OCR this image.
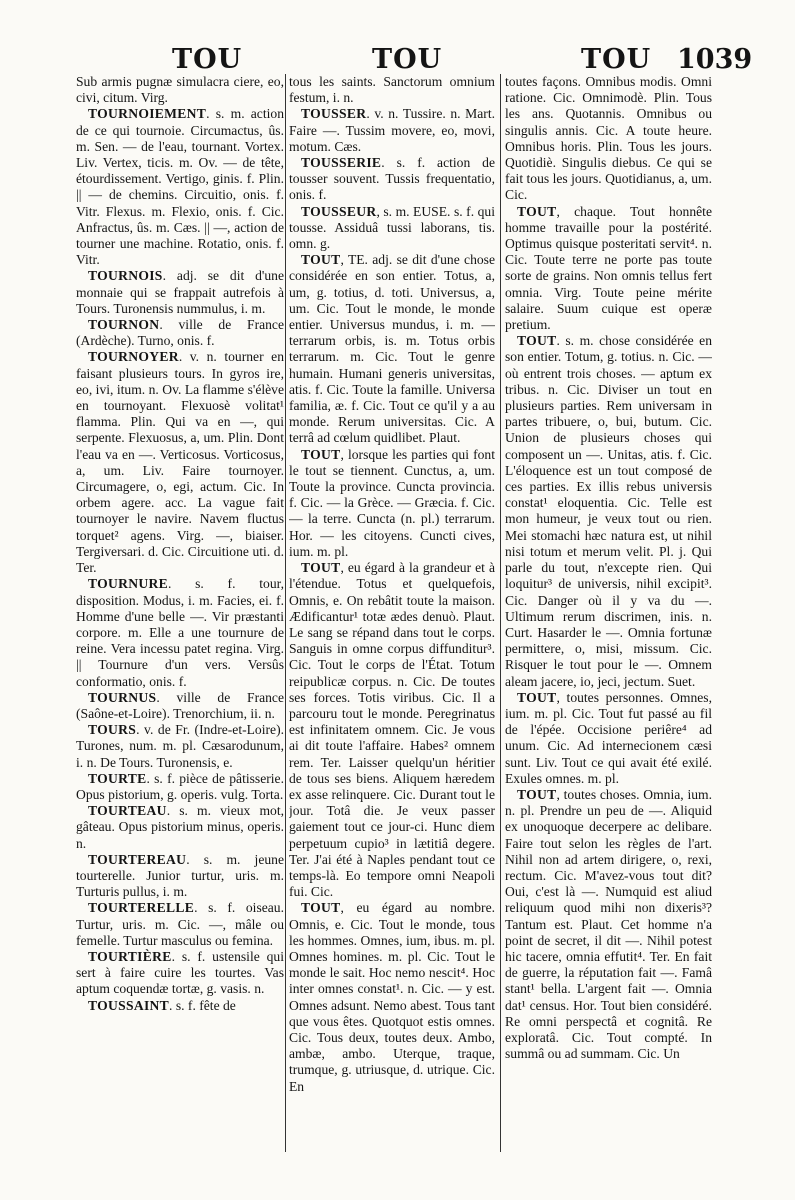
TOU	TOU	TOU 1039

Sub armis pugnæ simulacra ciere, eo, civi, citum. Virg.

TOURNOIEMENT. s. m. action de ce qui tournoie. Circumactus, ûs. m. Sen. — de l'eau, tournant. Vortex. Liv. Vertex, ticis. m. Ov. — de tête, étourdissement. Vertigo, ginis. f. Plin. || — de chemins. Circuitio, onis. f. Vitr. Flexus. m. Flexio, onis. f. Cic. Anfractus, ûs. m. Cæs. || —, action de tourner une machine. Rotatio, onis. f. Vitr.

TOURNOIS. adj. se dit d'une monnaie qui se frappait autrefois à Tours. Turonensis nummulus, i. m.

TOURNON. ville de France (Ardèche). Turno, onis. f.

TOURNOYER. v. n. tourner en faisant plusieurs tours. In gyros ire, eo, ivi, itum. n. Ov. La flamme s'élève en tournoyant. Flexuosè volitat¹ flamma. Plin. Qui va en —, qui serpente. Flexuosus, a, um. Plin. Dont l'eau va en —. Verticosus. Vorticosus, a, um. Liv. Faire tournoyer. Circumagere, o, egi, actum. Cic. In orbem agere. acc. La vague fait tournoyer le navire. Navem fluctus torquet² agens. Virg. —, biaiser. Tergiversari. d. Cic. Circuitione uti. d. Ter.

TOURNURE. s. f. tour, disposition. Modus, i. m. Facies, ei. f. Homme d'une belle —. Vir præstanti corpore. m. Elle a une tournure de reine. Vera incessu patet regina. Virg. || Tournure d'un vers. Versûs conformatio, onis. f.

TOURNUS. ville de France (Saône-et-Loire). Trenorchium, ii. n.

TOURS. v. de Fr. (Indre-et-Loire). Turones, num. m. pl. Cæsarodunum, i. n. De Tours. Turonensis, e.

TOURTE. s. f. pièce de pâtisserie. Opus pistorium, g. operis. vulg. Torta.

TOURTEAU. s. m. vieux mot, gâteau. Opus pistorium minus, operis. n.

TOURTEREAU. s. m. jeune tourterelle. Junior turtur, uris. m. Turturis pullus, i. m.

TOURTERELLE. s. f. oiseau. Turtur, uris. m. Cic. —, mâle ou femelle. Turtur masculus ou femina.

TOURTIÈRE. s. f. ustensile qui sert à faire cuire les tourtes. Vas aptum coquendæ tortæ, g. vasis. n.

TOUSSAINT. s. f. fête de

tous les saints. Sanctorum omnium festum, i. n.

TOUSSER. v. n. Tussire. n. Mart. Faire —. Tussim movere, eo, movi, motum. Cæs.

TOUSSERIE. s. f. action de tousser souvent. Tussis frequentatio, onis. f.

TOUSSEUR, s. m. EUSE. s. f. qui tousse. Assiduâ tussi laborans, tis. omn. g.

TOUT, TE. adj. se dit d'une chose considérée en son entier. Totus, a, um, g. totius, d. toti. Universus, a, um. Cic. Tout le monde, le monde entier. Universus mundus, i. m. — terrarum orbis, is. m. Totus orbis terrarum. m. Cic. Tout le genre humain. Humani generis universitas, atis. f. Cic. Toute la famille. Universa familia, æ. f. Cic. Tout ce qu'il y a au monde. Rerum universitas. Cic. A terrâ ad cœlum quidlibet. Plaut.

TOUT, lorsque les parties qui font le tout se tiennent. Cunctus, a, um. Toute la province. Cuncta provincia. f. Cic. — la Grèce. — Græcia. f. Cic. — la terre. Cuncta (n. pl.) terrarum. Hor. — les citoyens. Cuncti cives, ium. m. pl.

TOUT, eu égard à la grandeur et à l'étendue. Totus et quelquefois, Omnis, e. On rebâtit toute la maison. Ædificantur¹ totæ ædes denuò. Plaut. Le sang se répand dans tout le corps. Sanguis in omne corpus diffunditur³. Cic. Tout le corps de l'État. Totum reipublicæ corpus. n. Cic. De toutes ses forces. Totis viribus. Cic. Il a parcouru tout le monde. Peregrinatus est infinitatem omnem. Cic. Je vous ai dit toute l'affaire. Habes² omnem rem. Ter. Laisser quelqu'un héritier de tous ses biens. Aliquem hæredem ex asse relinquere. Cic. Durant tout le jour. Totâ die. Je veux passer gaiement tout ce jour-ci. Hunc diem perpetuum cupio³ in lætitiâ degere. Ter. J'ai été à Naples pendant tout ce temps-là. Eo tempore omni Neapoli fui. Cic.

TOUT, eu égard au nombre. Omnis, e. Cic. Tout le monde, tous les hommes. Omnes, ium, ibus. m. pl. Omnes homines. m. pl. Cic. Tout le monde le sait. Hoc nemo nescit⁴. Hoc inter omnes constat¹. n. Cic. — y est. Omnes adsunt. Nemo abest. Tous tant que vous êtes. Quotquot estis omnes. Cic. Tous deux, toutes deux. Ambo, ambæ, ambo. Uterque, traque, trumque, g. utriusque, d. utrique. Cic. En

toutes façons. Omnibus modis. Omni ratione. Cic. Omnimodè. Plin. Tous les ans. Quotannis. Omnibus ou singulis annis. Cic. A toute heure. Omnibus horis. Plin. Tous les jours. Quotidiè. Singulis diebus. Ce qui se fait tous les jours. Quotidianus, a, um. Cic.

TOUT, chaque. Tout honnête homme travaille pour la postérité. Optimus quisque posteritati servit⁴. n. Cic. Toute terre ne porte pas toute sorte de grains. Non omnis tellus fert omnia. Virg. Toute peine mérite salaire. Suum cuique est operæ pretium.

TOUT. s. m. chose considérée en son entier. Totum, g. totius. n. Cic. — où entrent trois choses. — aptum ex tribus. n. Cic. Diviser un tout en plusieurs parties. Rem universam in partes tribuere, o, bui, butum. Cic. Union de plusieurs choses qui composent un —. Unitas, atis. f. Cic. L'éloquence est un tout composé de ces parties. Ex illis rebus universis constat¹ eloquentia. Cic. Telle est mon humeur, je veux tout ou rien. Mei stomachi hæc natura est, ut nihil nisi totum et merum velit. Pl. j. Qui parle du tout, n'excepte rien. Qui loquitur³ de universis, nihil excipit³. Cic. Danger où il y va du —. Ultimum rerum discrimen, inis. n. Curt. Hasarder le —. Omnia fortunæ permittere, o, misi, missum. Cic. Risquer le tout pour le —. Omnem aleam jacere, io, jeci, jectum. Suet.

TOUT, toutes personnes. Omnes, ium. m. pl. Cic. Tout fut passé au fil de l'épée. Occisione periêre⁴ ad unum. Cic. Ad internecionem cæsi sunt. Liv. Tout ce qui avait été exilé. Exules omnes. m. pl.

TOUT, toutes choses. Omnia, ium. n. pl. Prendre un peu de —. Aliquid ex unoquoque decerpere ac delibare. Faire tout selon les règles de l'art. Nihil non ad artem dirigere, o, rexi, rectum. Cic. M'avez-vous tout dit? Oui, c'est là —. Numquid est aliud reliquum quod mihi non dixeris³? Tantum est. Plaut. Cet homme n'a point de secret, il dit —. Nihil potest hic tacere, omnia effutit⁴. Ter. En fait de guerre, la réputation fait —. Famâ stant¹ bella. L'argent fait —. Omnia dat¹ census. Hor. Tout bien considéré. Re omni perspectâ et cognitâ. Re exploratâ. Cic. Tout compté. In summâ ou ad summam. Cic. Un
